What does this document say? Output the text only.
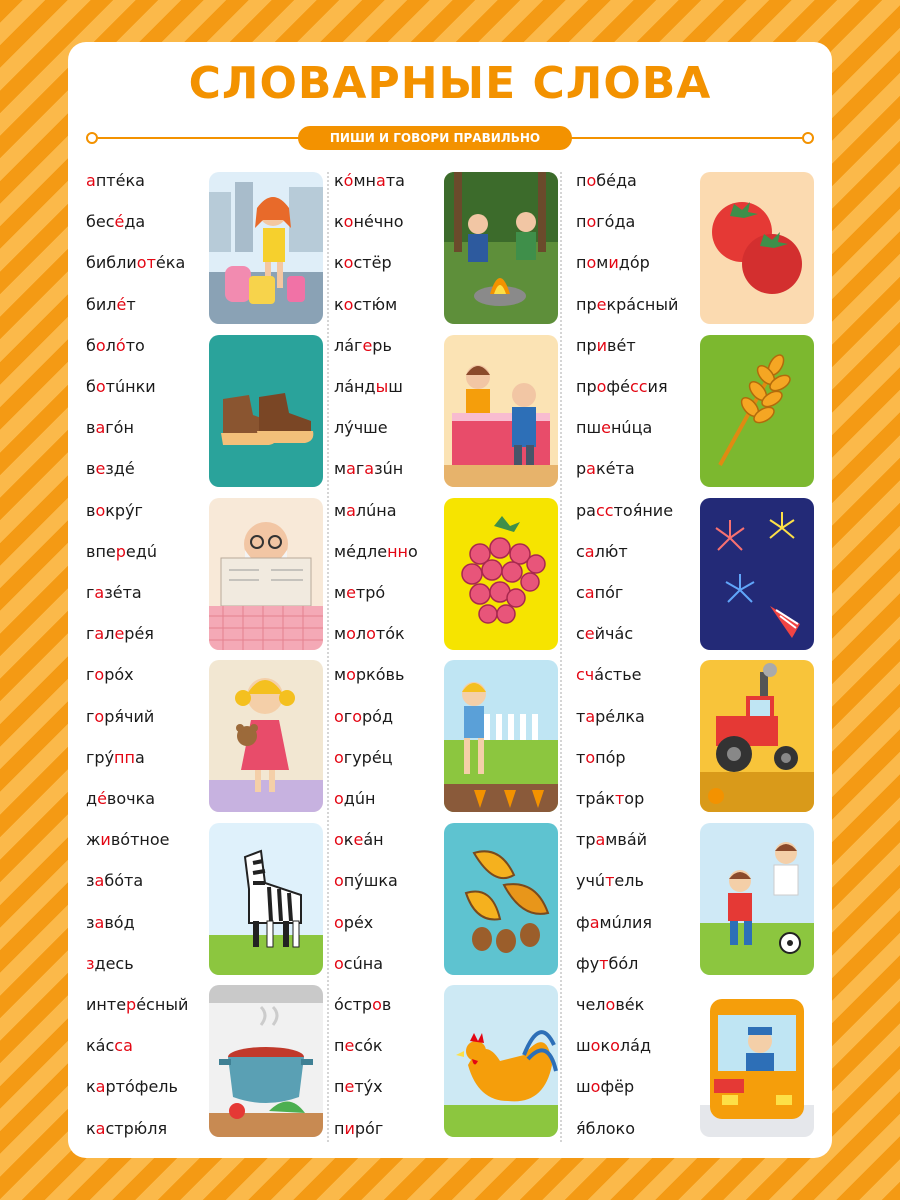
СЛОВАРНЫЕ СЛОВА
ПИШИ И ГОВОРИ ПРАВИЛЬНО
аптéка
бесéда
библиотéка
билéт
болóто
ботúнки
вагóн
вездé
вокрýг
впередú
газéта
галерéя
горóх
горя́чий
грýппа
дéвочка
живóтное
забóта
завóд
здесь
интерéсный
кáсса
картóфель
кастрю́ля
кóмната
конéчно
костёр
костю́м
лáгерь
лáндыш
лýчше
магазúн
малúна
мéдленно
метрó
молотóк
моркóвь
огорóд
огурéц
одúн
океáн
опýшка
орéх
осúна
óстров
песóк
петýх
пирóг
побéда
погóда
помидóр
прекрáсный
привéт
профéссия
пшенúца
ракéта
расстоя́ние
салю́т
сапóг
сейчáс
счáстье
тарéлка
топóр
трáктор
трамвáй
учúтель
фамúлия
футбóл
человéк
шоколáд
шофёр
я́блоко
